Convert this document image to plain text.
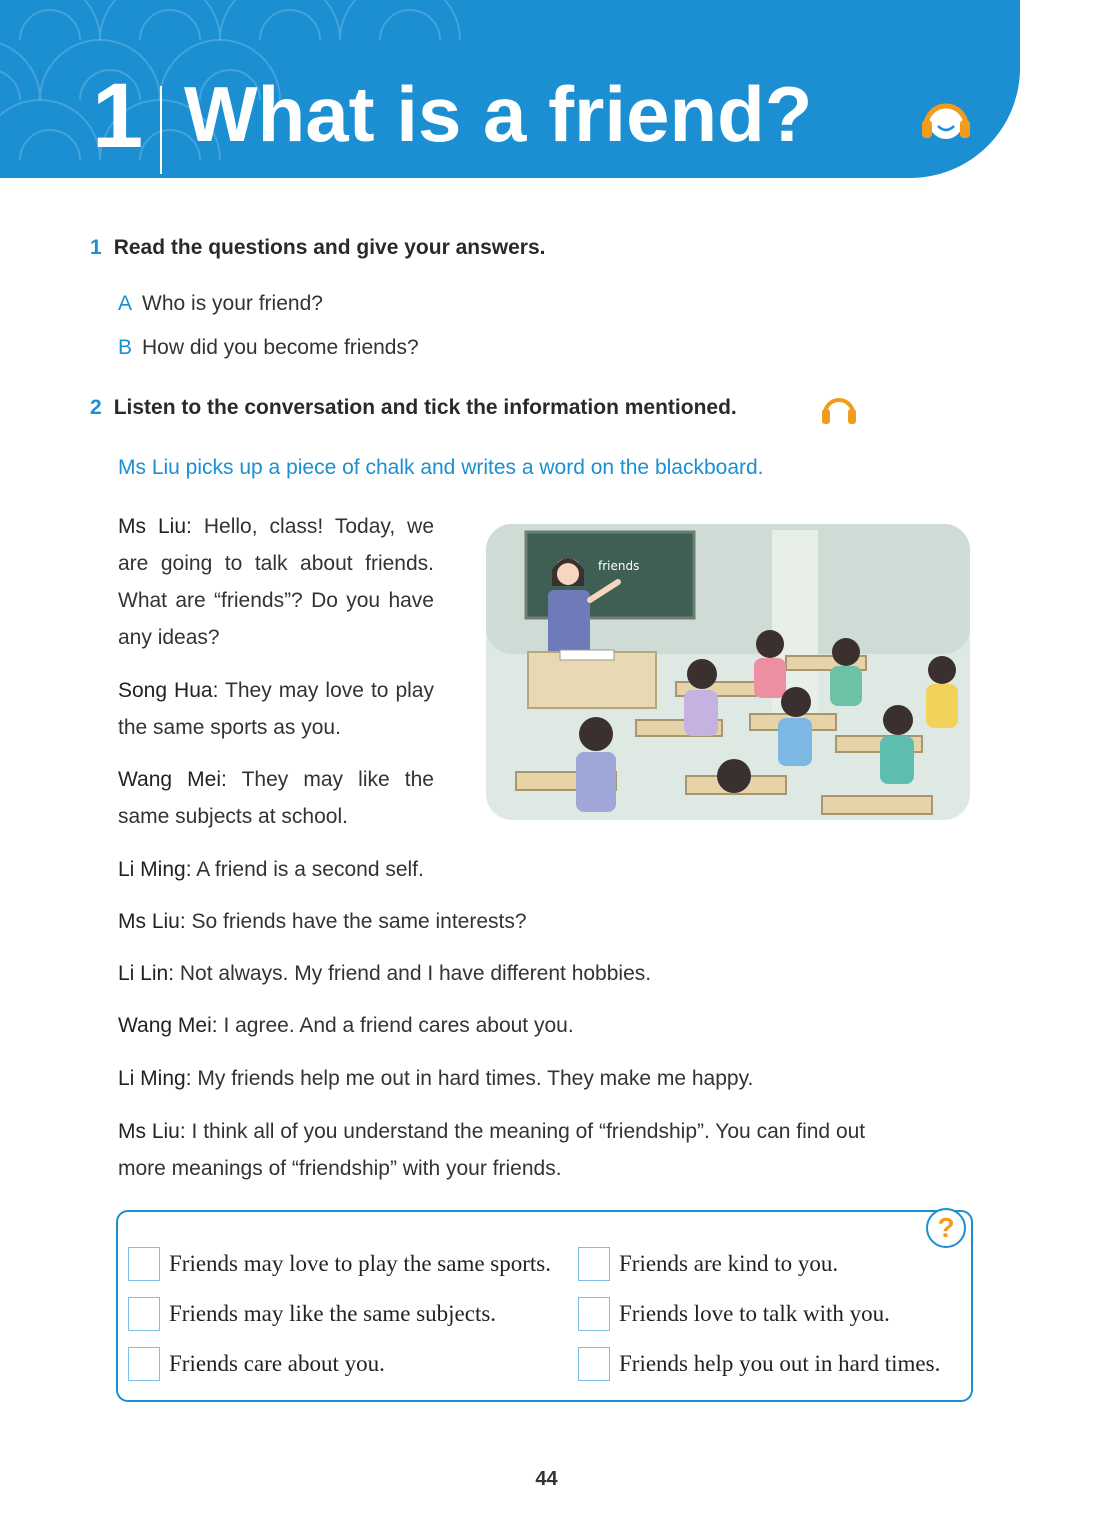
1 What is a friend?
1 Read the questions and give your answers.
A Who is your friend?
B How did you become friends?
2 Listen to the conversation and tick the information mentioned.
Ms Liu picks up a piece of chalk and writes a word on the blackboard.
Ms Liu: Hello, class! Today, we are going to talk about friends. What are “friends”? Do you have any ideas?
Song Hua: They may love to play the same sports as you.
Wang Mei: They may like the same subjects at school.
friends
Li Ming: A friend is a second self.
Ms Liu: So friends have the same interests?
Li Lin: Not always. My friend and I have different hobbies.
Wang Mei: I agree. And a friend cares about you.
Li Ming: My friends help me out in hard times. They make me happy.
Ms Liu: I think all of you understand the meaning of “friendship”. You can find out more meanings of “friendship” with your friends.
?
Friends may love to play the same sports.
Friends may like the same subjects.
Friends care about you.
Friends are kind to you.
Friends love to talk with you.
Friends help you out in hard times.
44
